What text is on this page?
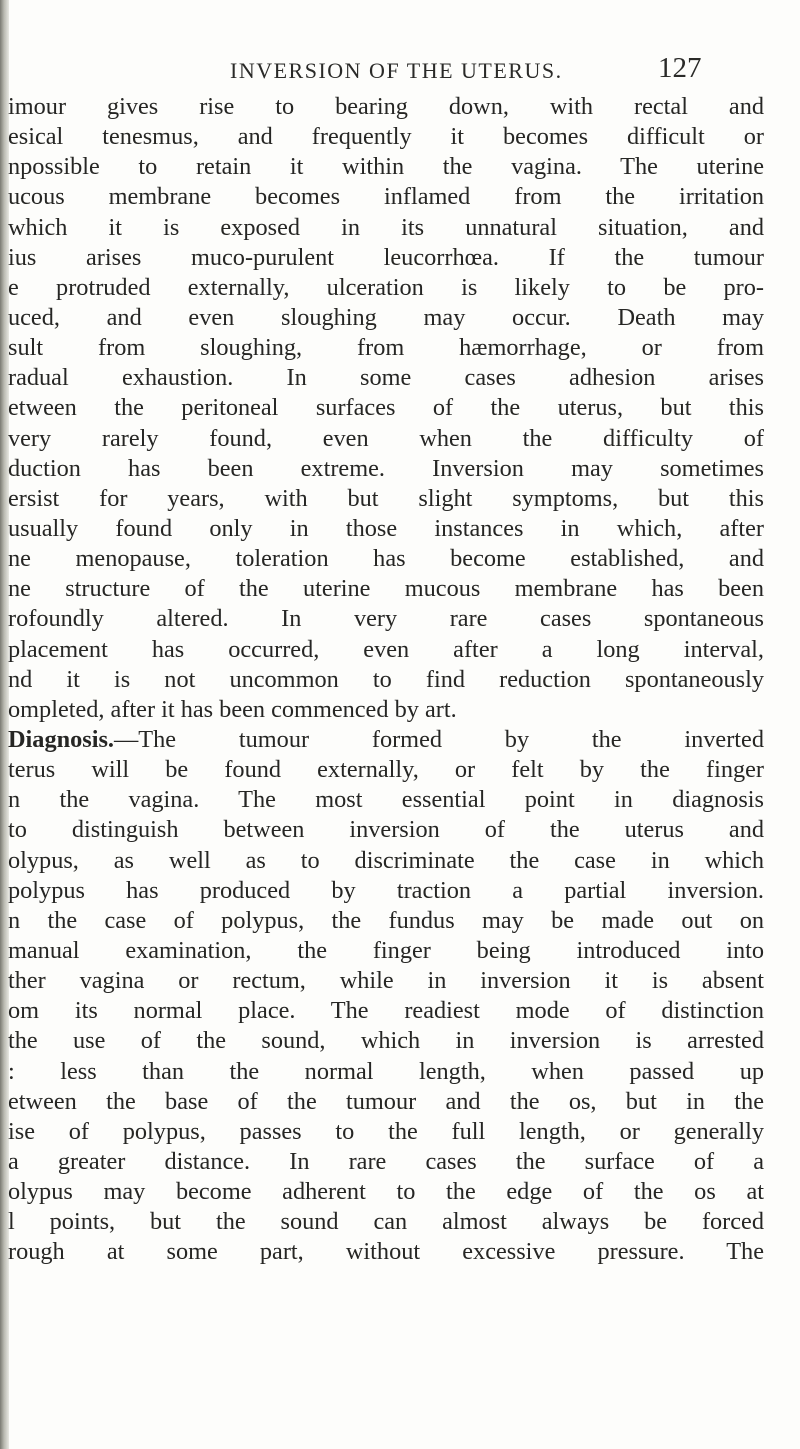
INVERSION OF THE UTERUS.	127
imour gives rise to bearing down, with rectal and
esical tenesmus, and frequently it becomes difficult or
npossible to retain it within the vagina. The uterine
ucous membrane becomes inflamed from the irritation
which it is exposed in its unnatural situation, and
ius arises muco-purulent leucorrhœa. If the tumour
e protruded externally, ulceration is likely to be pro-
uced, and even sloughing may occur. Death may
sult from sloughing, from hæmorrhage, or from
radual exhaustion. In some cases adhesion arises
etween the peritoneal surfaces of the uterus, but this
very rarely found, even when the difficulty of
duction has been extreme. Inversion may sometimes
ersist for years, with but slight symptoms, but this
usually found only in those instances in which, after
ne menopause, toleration has become established, and
ne structure of the uterine mucous membrane has been
rofoundly altered. In very rare cases spontaneous
placement has occurred, even after a long interval,
nd it is not uncommon to find reduction spontaneously
ompleted, after it has been commenced by art.
Diagnosis.—The tumour formed by the inverted
terus will be found externally, or felt by the finger
n the vagina. The most essential point in diagnosis
to distinguish between inversion of the uterus and
olypus, as well as to discriminate the case in which
polypus has produced by traction a partial inversion.
n the case of polypus, the fundus may be made out on
manual examination, the finger being introduced into
ther vagina or rectum, while in inversion it is absent
om its normal place. The readiest mode of distinction
the use of the sound, which in inversion is arrested
: less than the normal length, when passed up
etween the base of the tumour and the os, but in the
ise of polypus, passes to the full length, or generally
a greater distance. In rare cases the surface of a
olypus may become adherent to the edge of the os at
l points, but the sound can almost always be forced
rough at some part, without excessive pressure. The
